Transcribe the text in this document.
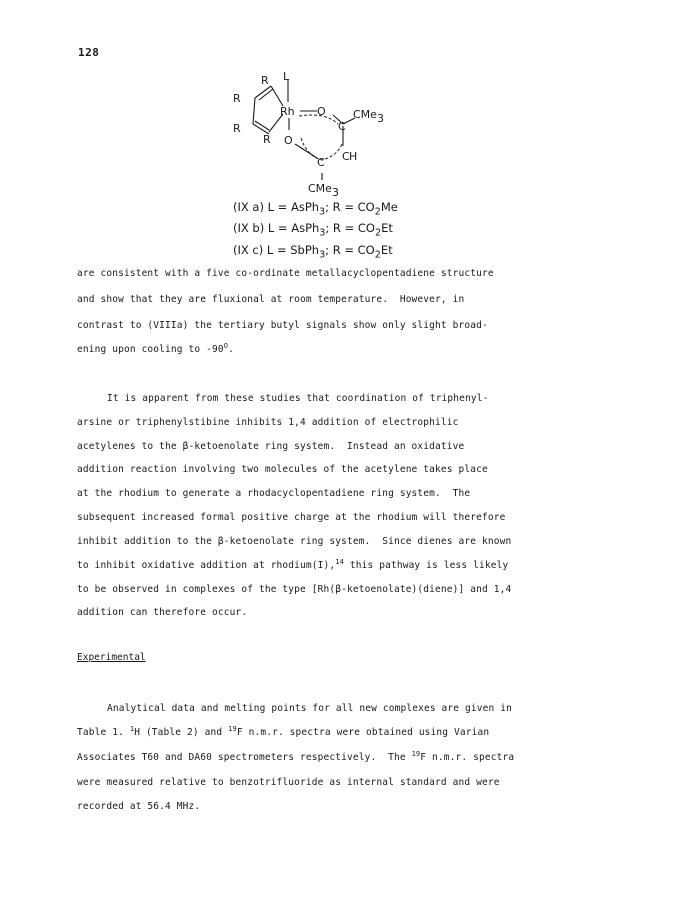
128
L
R
R
R
R
Rh O
O
C
C C H
CMe 3
CMe 3
(IX a) L = AsPh$_3$; $R = CO_2Me$
(IX b) L = AsPh$_3$; $R = CO_2Et$
(IX c) L = SbPh$_3$; $R = CO_2Et$
are consistent with a five co-ordinate metallacyclopentadiene structure
and show that they are fluxional at room temperature.  However, in
contrast to (VIIIa) the tertiary butyl signals show only slight broad-
ening upon cooling to $-90^O$.
It is apparent from these studies that coordination of triphenyl-
arsine or triphenylstibine inhibits 1,4 addition of electrophilic
acetylenes to the β-ketoenolate ring system.  Instead an oxidative
addition reaction involving two molecules of the acetylene takes place
at the rhodium to generate a rhodacyclopentadiene ring system.  The
subsequent increased formal positive charge at the rhodium will therefore
inhibit addition to the β-ketoenolate ring system.  Since dienes are known
to inhibit oxidative addition at rhodium(I),$^{14}$ this pathway is less likely
to be observed in complexes of the type [Rh(β-ketoenolate)(diene)] and 1,4
addition can therefore occur.
Experimental
Analytical data and melting points for all new complexes are given in
Table 1. $^1$H (Table 2) and $^{19}$F n.m.r. spectra were obtained using Varian
Associates T60 and DA60 spectrometers respectively.  The $^{19}$F n.m.r. spectra
were measured relative to benzotrifluoride as internal standard and were
recorded at 56.4 MHz.
